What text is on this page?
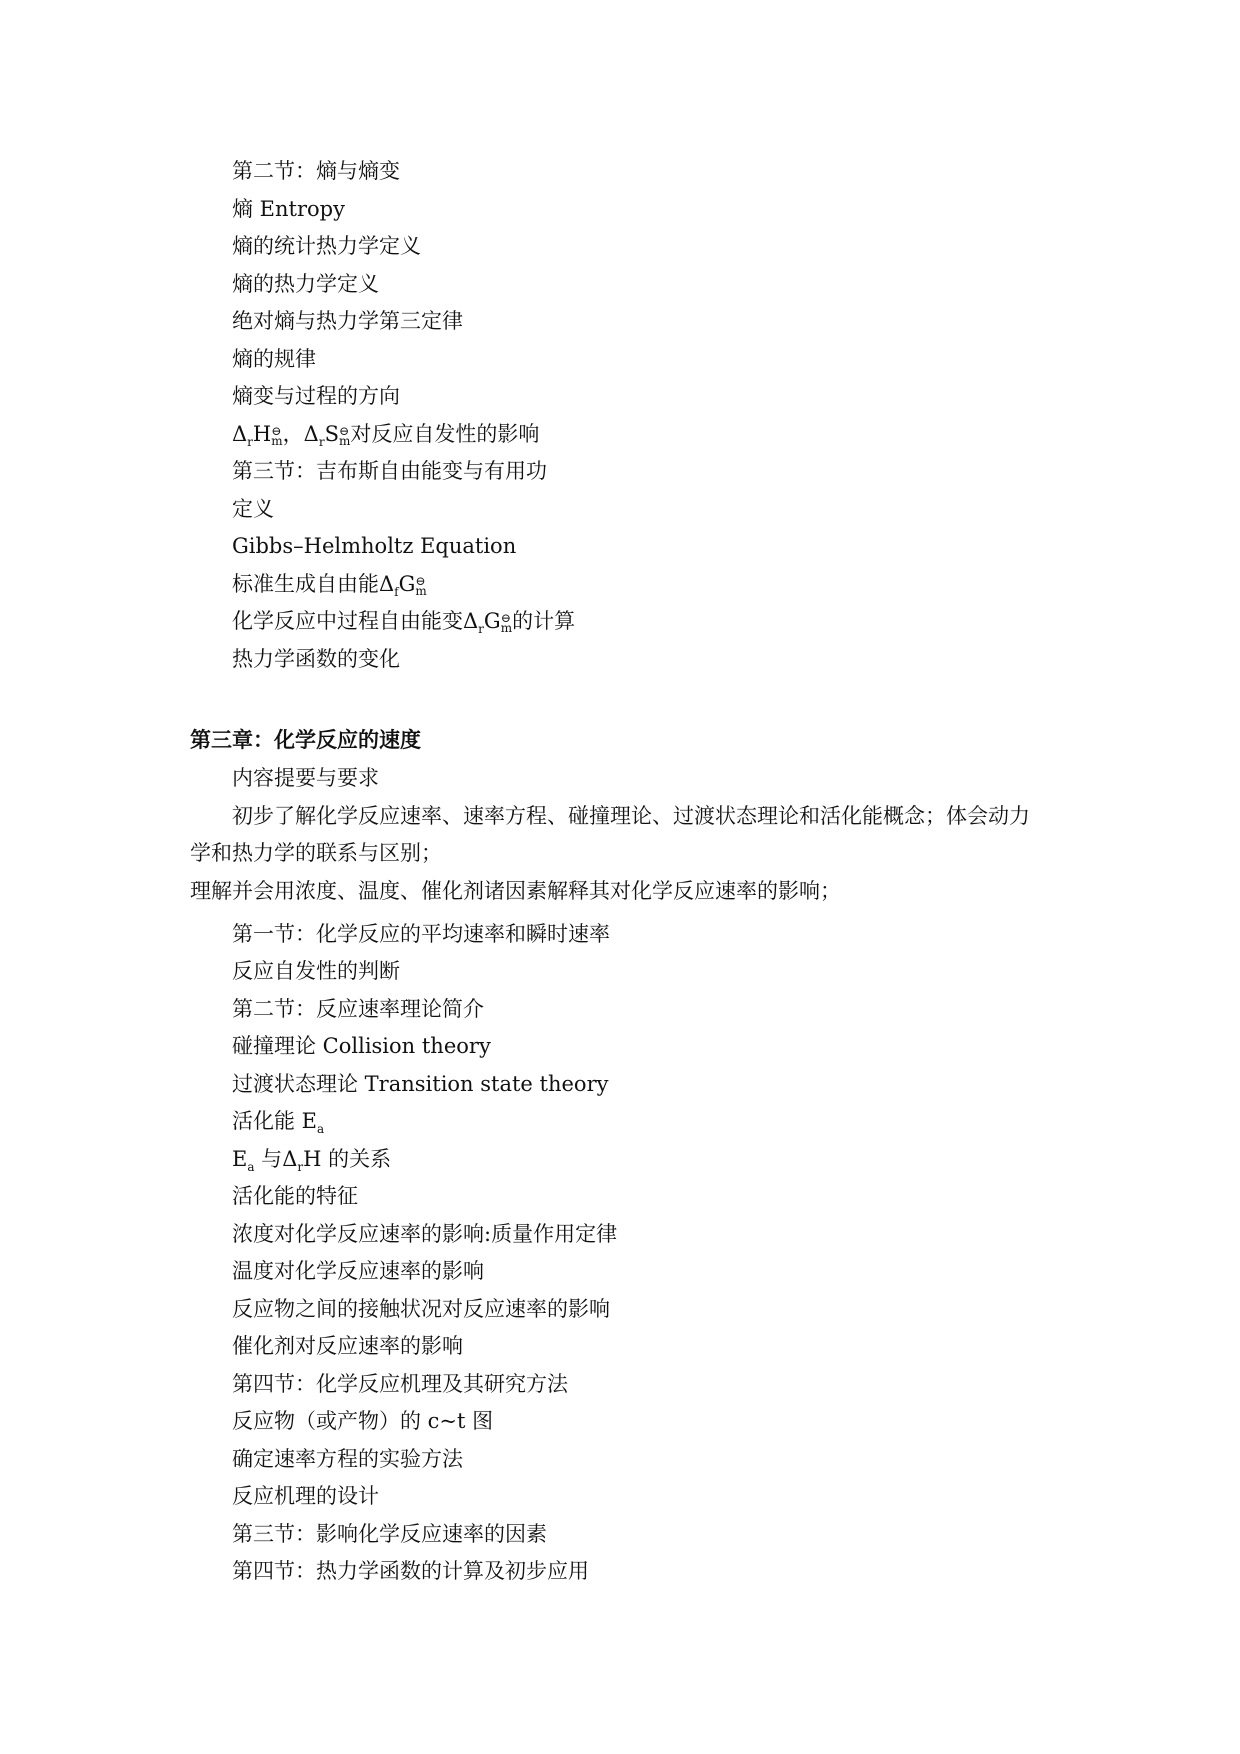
第二节：熵与熵变
熵 Entropy
熵的统计热力学定义
熵的热力学定义
绝对熵与热力学第三定律
熵的规律
熵变与过程的方向
$\Delta_rH$ ⊖
m ，$\Delta_rS$ ⊖
m 对反应自发性的影响
第三节：吉布斯自由能变与有用功
定义
Gibbs–Helmholtz Equation
标准生成自由能$\Delta_fG$ ⊖
m
化学反应中过程自由能变$\Delta_rG$ ⊖
m 的计算
热力学函数的变化
第三章：化学反应的速度
内容提要与要求
初步了解化学反应速率、速率方程、碰撞理论、过渡状态理论和活化能概念；体会动力
学和热力学的联系与区别；
理解并会用浓度、温度、催化剂诸因素解释其对化学反应速率的影响；
第一节：化学反应的平均速率和瞬时速率
反应自发性的判断
第二节：反应速率理论简介
碰撞理论 Collision theory
过渡状态理论 Transition state theory
活化能 $E_a$
$E_a$ 与$\Delta_rH$ 的关系
活化能的特征
浓度对化学反应速率的影响:质量作用定律
温度对化学反应速率的影响
反应物之间的接触状况对反应速率的影响
催化剂对反应速率的影响
第四节：化学反应机理及其研究方法
反应物（或产物）的 c~t 图
确定速率方程的实验方法
反应机理的设计
第三节：影响化学反应速率的因素
第四节：热力学函数的计算及初步应用
